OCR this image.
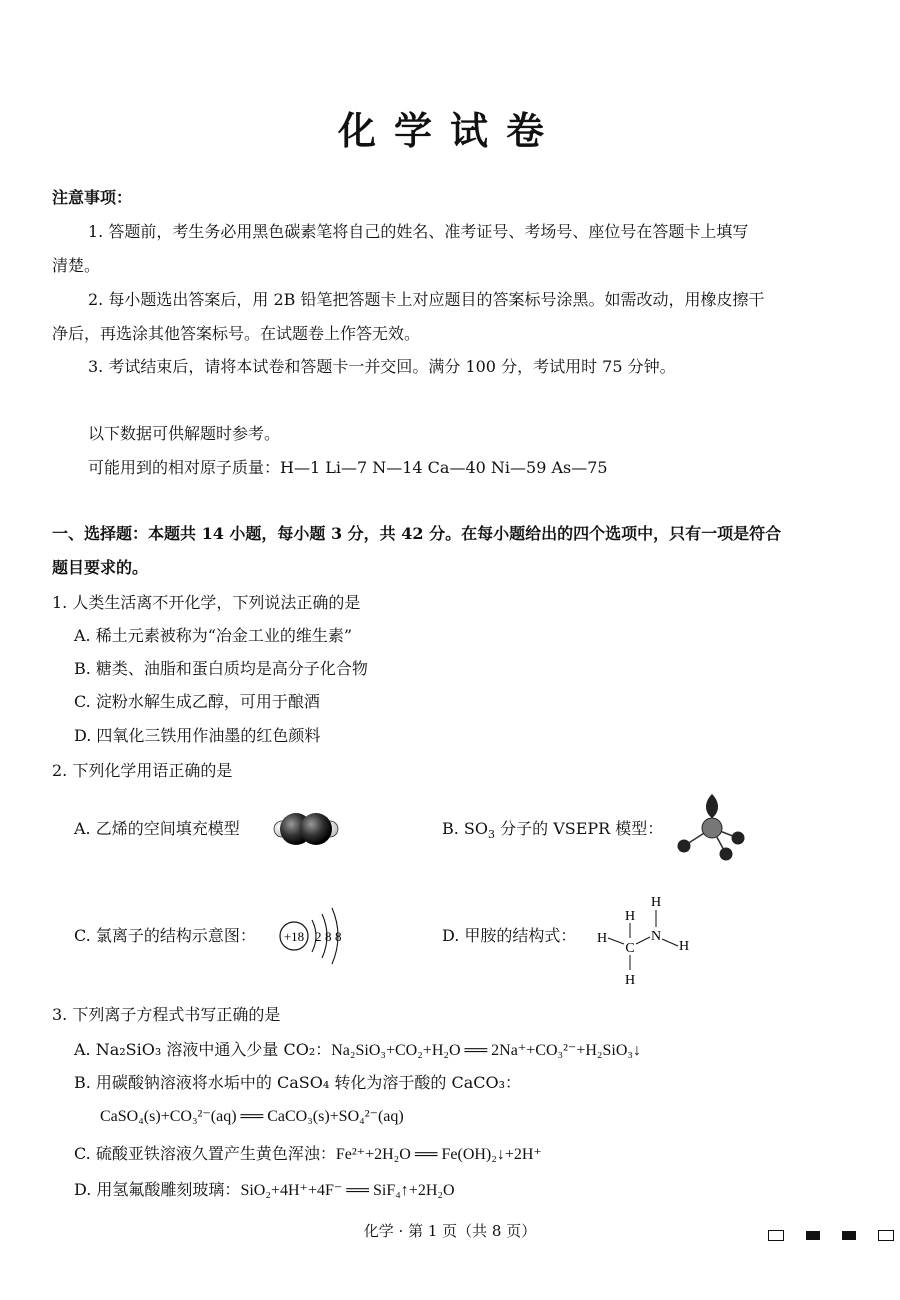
化学试卷
注意事项：
1. 答题前，考生务必用黑色碳素笔将自己的姓名、准考证号、考场号、座位号在答题卡上填写
清楚。
2. 每小题选出答案后，用 2B 铅笔把答题卡上对应题目的答案标号涂黑。如需改动，用橡皮擦干
净后，再选涂其他答案标号。在试题卷上作答无效。
3. 考试结束后，请将本试卷和答题卡一并交回。满分 100 分，考试用时 75 分钟。
以下数据可供解题时参考。
可能用到的相对原子质量：H—1 Li—7 N—14 Ca—40 Ni—59 As—75
一、选择题：本题共 14 小题，每小题 3 分，共 42 分。在每小题给出的四个选项中，只有一项是符合
题目要求的。
1. 人类生活离不开化学，下列说法正确的是
A. 稀土元素被称为“冶金工业的维生素”
B. 糖类、油脂和蛋白质均是高分子化合物
C. 淀粉水解生成乙醇，可用于酿酒
D. 四氧化三铁用作油墨的红色颜料
2. 下列化学用语正确的是
A. 乙烯的空间填充模型	B. $SO_3$ 分子的 VSEPR 模型：
C. 氯离子的结构示意图： +18 2 8 8	D. 甲胺的结构式：
H
H
C
H
N
H
H
3. 下列离子方程式书写正确的是
A. Na₂SiO₃ 溶液中通入少量 CO₂：Na₂SiO₃+CO₂+H₂O ══ 2Na⁺+CO₃²⁻+H₂SiO₃↓
B. 用碳酸钠溶液将水垢中的 CaSO₄ 转化为溶于酸的 CaCO₃：
CaSO₄(s)+CO₃²⁻(aq) ══ CaCO₃(s)+SO₄²⁻(aq)
C. 硫酸亚铁溶液久置产生黄色浑浊：Fe²⁺+2H₂O ══ Fe(OH)₂↓+2H⁺
D. 用氢氟酸雕刻玻璃：SiO₂+4H⁺+4F⁻ ══ SiF₄↑+2H₂O
化学 · 第 1 页（共 8 页）
